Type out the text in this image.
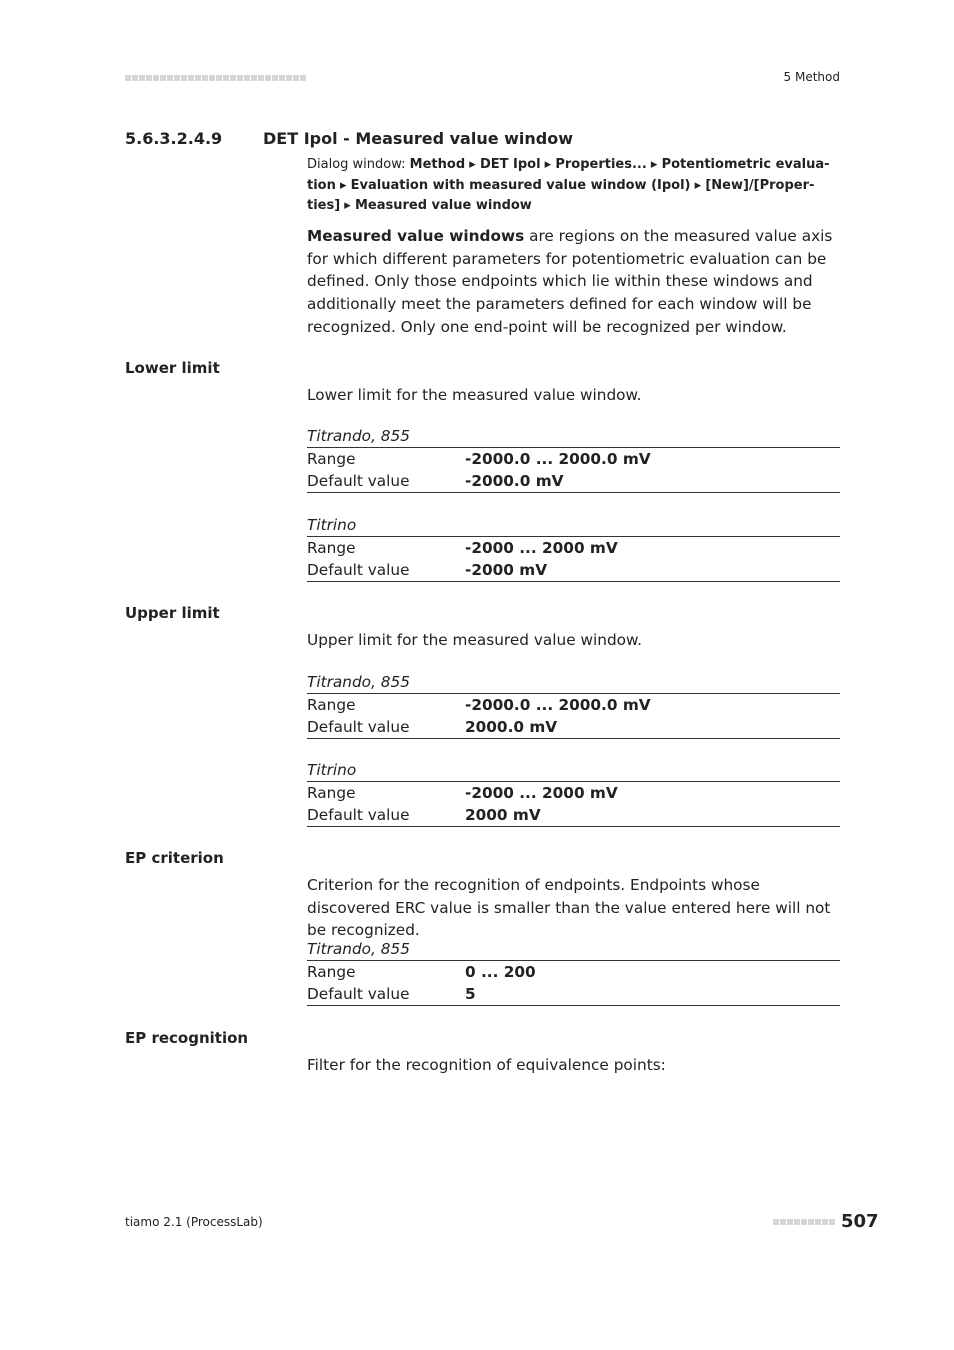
5 Method
5.6.3.2.4.9	DET Ipol - Measured value window
Dialog window: Method ▸ DET Ipol ▸ Properties... ▸ Potentiometric evalua-
tion ▸ Evaluation with measured value window (Ipol) ▸ [New]/[Proper-
ties] ▸ Measured value window
Measured value windows are regions on the measured value axis for which different parameters for potentiometric evaluation can be defined. Only those endpoints which lie within these windows and additionally meet the parameters defined for each window will be recognized. Only one end-point will be recognized per window.
Lower limit
Lower limit for the measured value window.
Titrando, 855
Range	-2000.0 ... 2000.0 mV
Default value	-2000.0 mV
Titrino
Range	-2000 ... 2000 mV
Default value	-2000 mV
Upper limit
Upper limit for the measured value window.
Titrando, 855
Range	-2000.0 ... 2000.0 mV
Default value	2000.0 mV
Titrino
Range	-2000 ... 2000 mV
Default value	2000 mV
EP criterion
Criterion for the recognition of endpoints. Endpoints whose discovered ERC value is smaller than the value entered here will not be recognized.
Titrando, 855
Range	0 ... 200
Default value	5
EP recognition
Filter for the recognition of equivalence points:
tiamo 2.1 (ProcessLab)	507
